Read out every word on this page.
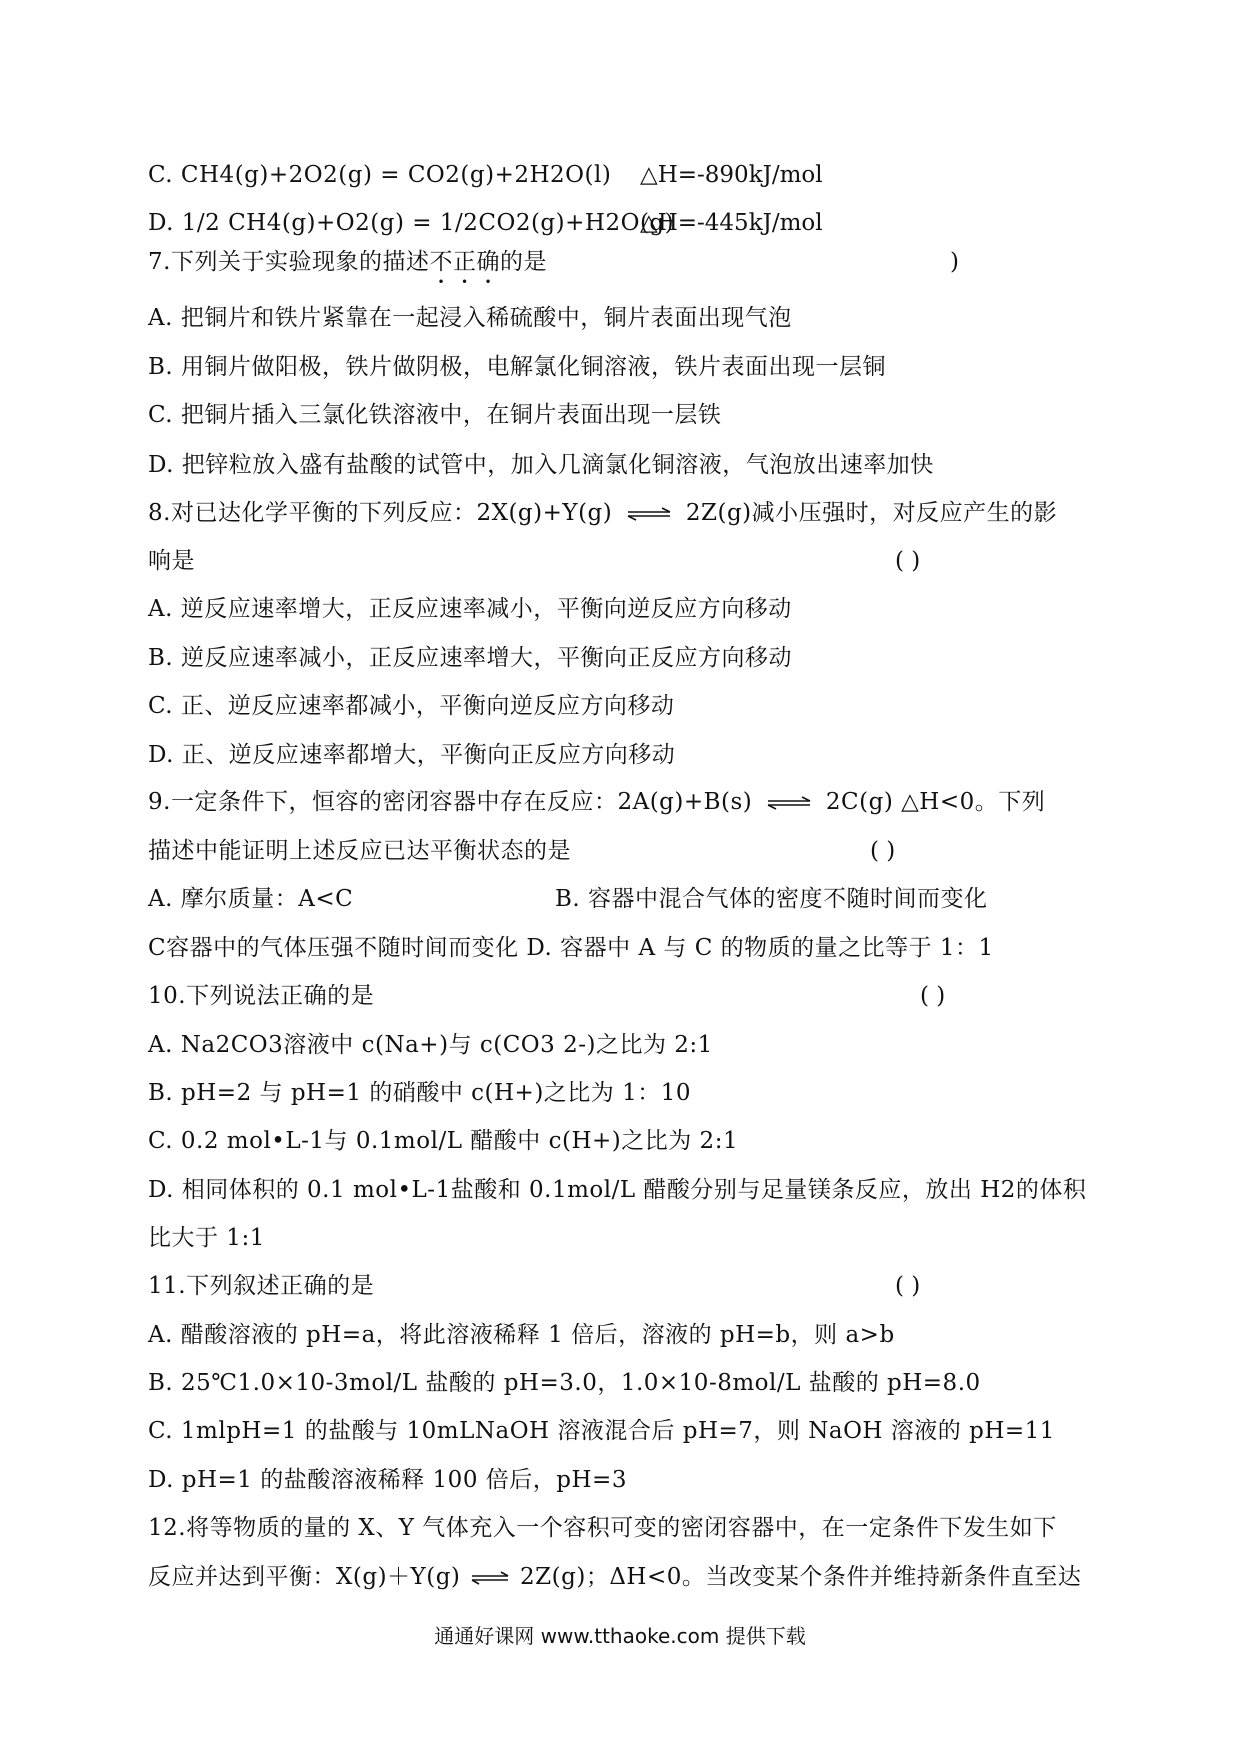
C. CH4(g)+2O2(g) = CO2(g)+2H2O(l) △H=-890kJ/mol
D. 1/2 CH4(g)+O2(g) = 1/2CO2(g)+H2O(g)
△H=-445kJ/mol
7.下列关于实验现象的描述不正确的是	)
A. 把铜片和铁片紧靠在一起浸入稀硫酸中，铜片表面出现气泡
B. 用铜片做阳极，铁片做阴极，电解氯化铜溶液，铁片表面出现一层铜
C. 把铜片插入三氯化铁溶液中，在铜片表面出现一层铁
D. 把锌粒放入盛有盐酸的试管中，加入几滴氯化铜溶液，气泡放出速率加快
8.对已达化学平衡的下列反应：2X(g)+Y(g) ⇌ 2Z(g)减小压强时，对反应产生的影
响是	( )
A. 逆反应速率增大，正反应速率减小，平衡向逆反应方向移动
B. 逆反应速率减小，正反应速率增大，平衡向正反应方向移动
C. 正、逆反应速率都减小，平衡向逆反应方向移动
D. 正、逆反应速率都增大，平衡向正反应方向移动
9.一定条件下，恒容的密闭容器中存在反应：2A(g)+B(s) ⇌ 2C(g) △H<0。下列
描述中能证明上述反应已达平衡状态的是	( )
A. 摩尔质量：A<C	B. 容器中混合气体的密度不随时间而变化
C容器中的气体压强不随时间而变化 D. 容器中 A 与 C 的物质的量之比等于 1：1
10.下列说法正确的是	( )
A. Na2CO3溶液中 c(Na+)与 c(CO3 2-)之比为 2:1
B. pH=2 与 pH=1 的硝酸中 c(H+)之比为 1：10
C. 0.2 mol•L-1与 0.1mol/L 醋酸中 c(H+)之比为 2:1
D. 相同体积的 0.1 mol•L-1盐酸和 0.1mol/L 醋酸分别与足量镁条反应，放出 H2的体积
比大于 1:1
11.下列叙述正确的是	( )
A. 醋酸溶液的 pH=a，将此溶液稀释 1 倍后，溶液的 pH=b，则 a>b
B. 25℃1.0×10-3mol/L 盐酸的 pH=3.0，1.0×10-8mol/L 盐酸的 pH=8.0
C. 1mlpH=1 的盐酸与 10mLNaOH 溶液混合后 pH=7，则 NaOH 溶液的 pH=11
D. pH=1 的盐酸溶液稀释 100 倍后，pH=3
12.将等物质的量的 X、Y 气体充入一个容积可变的密闭容器中，在一定条件下发生如下
反应并达到平衡：X(g)＋Y(g) ⇌ 2Z(g)；ΔH<0。当改变某个条件并维持新条件直至达
通通好课网 www.tthaoke.com 提供下载
